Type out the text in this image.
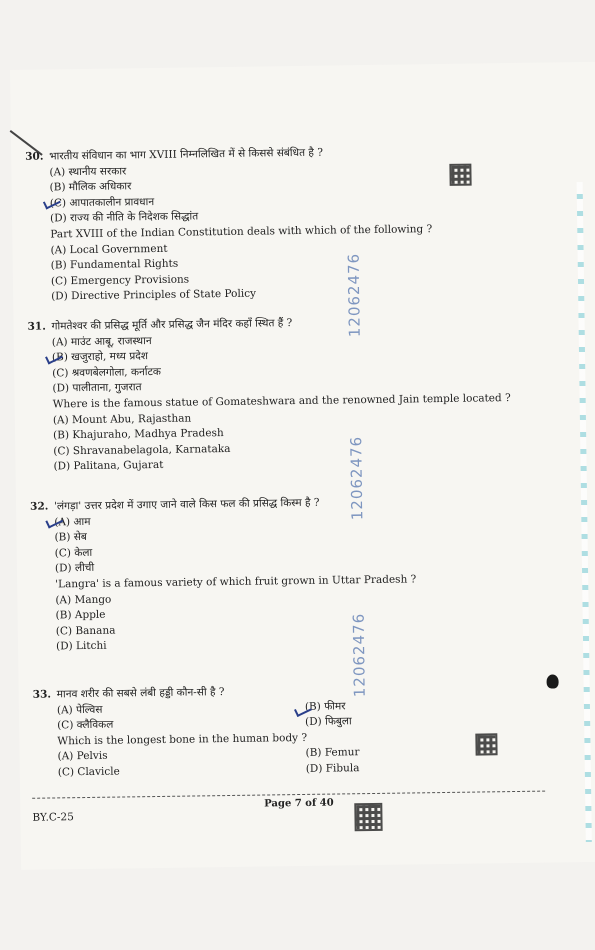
30. भारतीय संविधान का भाग XVIII निम्नलिखित में से किससे संबंधित है ?
(A) स्थानीय सरकार
(B) मौलिक अधिकार
(C) आपातकालीन प्रावधान
(D) राज्य की नीति के निदेशक सिद्धांत
Part XVIII of the Indian Constitution deals with which of the following ?
(A) Local Government
(B) Fundamental Rights
(C) Emergency Provisions
(D) Directive Principles of State Policy
31. गोमतेश्वर की प्रसिद्ध मूर्ति और प्रसिद्ध जैन मंदिर कहाँ स्थित हैं ?
(A) माउंट आबू, राजस्थान
(B) खजुराहो, मध्य प्रदेश
(C) श्रवणबेलगोला, कर्नाटक
(D) पालीताना, गुजरात
Where is the famous statue of Gomateshwara and the renowned Jain temple located ?
(A) Mount Abu, Rajasthan
(B) Khajuraho, Madhya Pradesh
(C) Shravanabelagola, Karnataka
(D) Palitana, Gujarat
32. 'लंगड़ा' उत्तर प्रदेश में उगाए जाने वाले किस फल की प्रसिद्ध किस्म है ?
(A) आम
(B) सेब
(C) केला
(D) लीची
'Langra' is a famous variety of which fruit grown in Uttar Pradesh ?
(A) Mango
(B) Apple
(C) Banana
(D) Litchi
33. मानव शरीर की सबसे लंबी हड्डी कौन-सी है ?
(A) पेल्विस	(B) फीमर
(C) क्लैविकल	(D) फिबुला
Which is the longest bone in the human body ?
(A) Pelvis	(B) Femur
(C) Clavicle	(D) Fibula
12062476
12062476
12062476
Page 7 of 40
BY.C-25
